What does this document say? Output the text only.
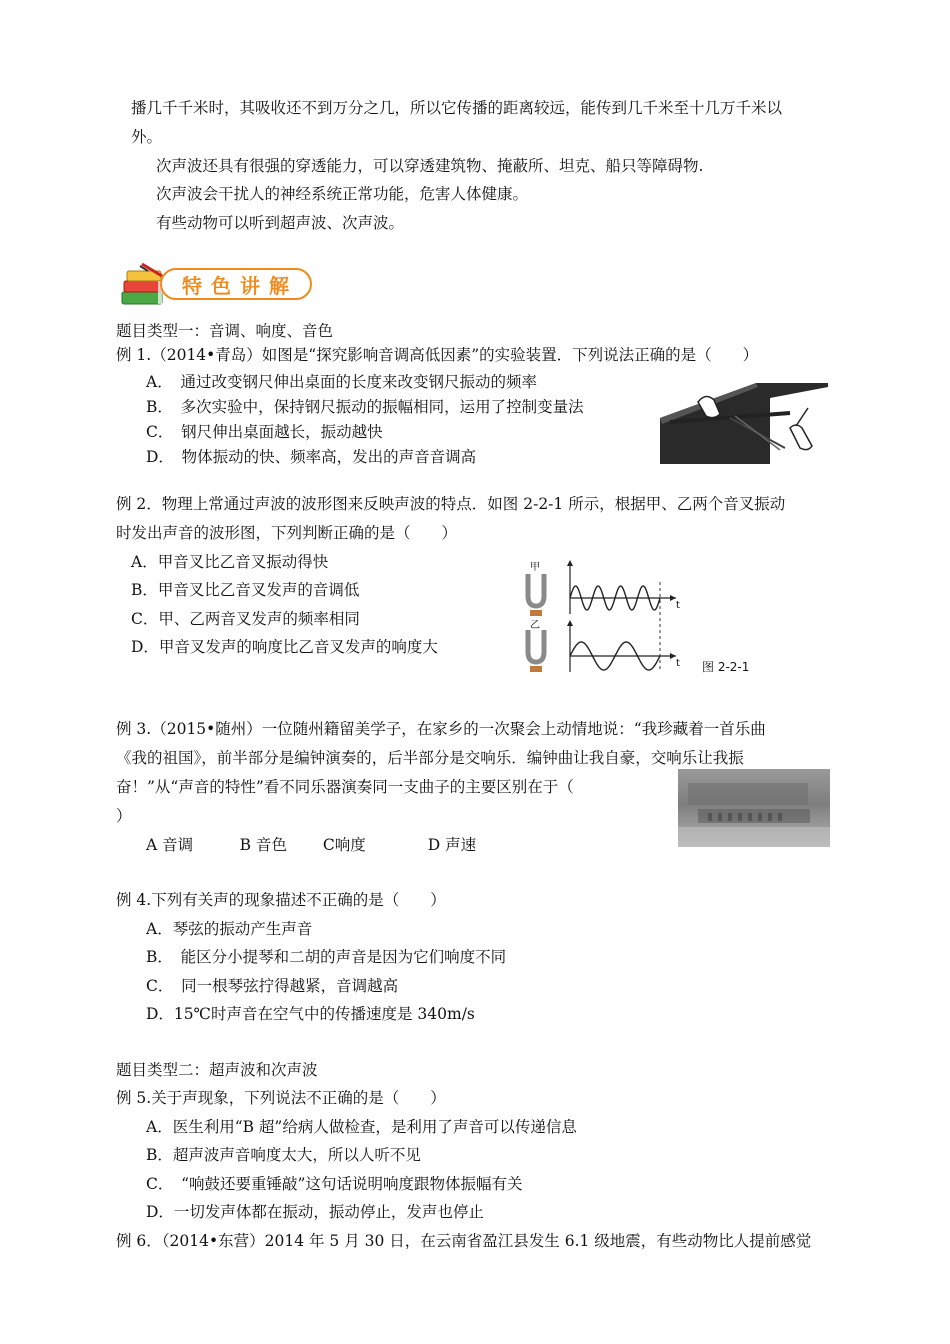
播几千千米时，其吸收还不到万分之几，所以它传播的距离较远，能传到几千米至十几万千米以
外。
次声波还具有很强的穿透能力，可以穿透建筑物、掩蔽所、坦克、船只等障碍物.
次声波会干扰人的神经系统正常功能，危害人体健康。
有些动物可以听到超声波、次声波。
特色讲解
题目类型一：音调、响度、音色
例 1.（2014•青岛）如图是“探究影响音调高低因素”的实验装置．下列说法正确的是（　　）
A．　通过改变钢尺伸出桌面的长度来改变钢尺振动的频率
B．　多次实验中，保持钢尺振动的振幅相同，运用了控制变量法
C．　钢尺伸出桌面越长，振动越快
D．　物体振动的快、频率高，发出的声音音调高
例 2．物理上常通过声波的波形图来反映声波的特点．如图 2-2-1 所示，根据甲、乙两个音叉振动
时发出声音的波形图，下列判断正确的是（　　）
A．甲音叉比乙音叉振动得快
B．甲音叉比乙音叉发声的音调低
C．甲、乙两音叉发声的频率相同
D．甲音叉发声的响度比乙音叉发声的响度大
甲
乙
t
t 图 2-2-1
例 3.（2015•随州）一位随州籍留美学子，在家乡的一次聚会上动情地说：“我珍藏着一首乐曲
《我的祖国》，前半部分是编钟演奏的，后半部分是交响乐．编钟曲让我自豪，交响乐让我振
奋！”从“声音的特性”看不同乐器演奏同一支曲子的主要区别在于（
）
A 音调　　　B 音色　　 C响度　　　　D 声速
例 4.下列有关声的现象描述不正确的是（　　）
A．琴弦的振动产生声音
B．　能区分小提琴和二胡的声音是因为它们响度不同
C．　同一根琴弦拧得越紧，音调越高
D．15℃时声音在空气中的传播速度是 340m/s
题目类型二：超声波和次声波
例 5.关于声现象，下列说法不正确的是（　　）
A．医生利用“B 超”给病人做检查，是利用了声音可以传递信息
B．超声波声音响度太大，所以人听不见
C．　“响鼓还要重锤敲”这句话说明响度跟物体振幅有关
D．一切发声体都在振动，振动停止，发声也停止
例 6．（2014•东营）2014 年 5 月 30 日，在云南省盈江县发生 6.1 级地震，有些动物比人提前感觉
